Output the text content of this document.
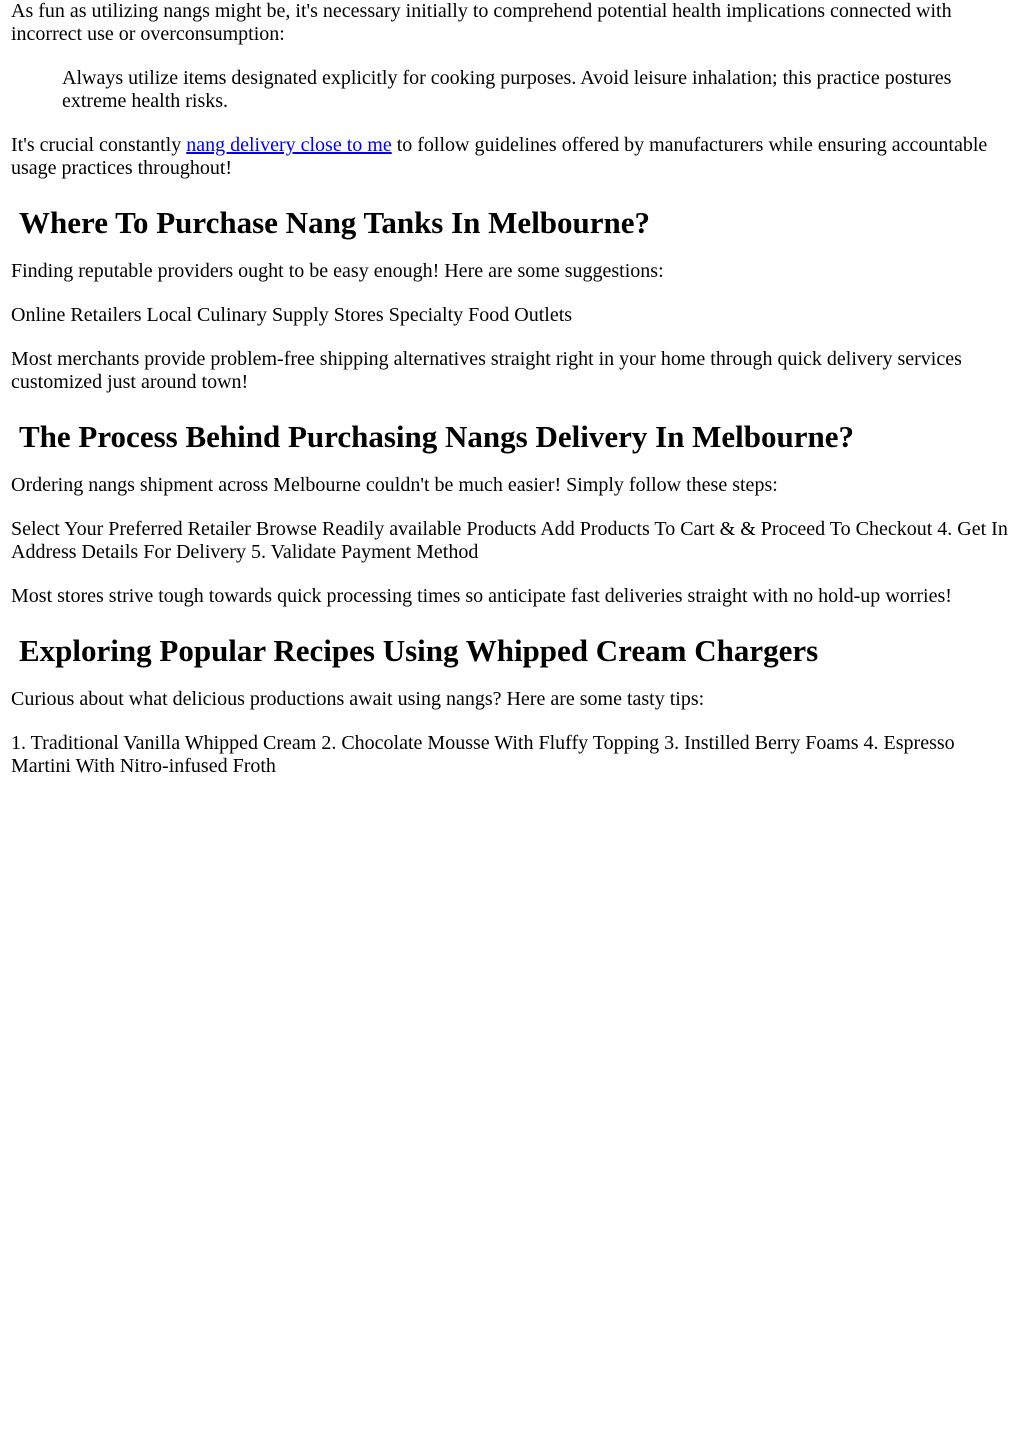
As fun as utilizing nangs might be, it's necessary initially to comprehend potential health implications connected with incorrect use or overconsumption:

Always utilize items designated explicitly for cooking purposes. Avoid leisure inhalation; this practice postures extreme health risks.

It's crucial constantly nang delivery close to me to follow guidelines offered by manufacturers while ensuring accountable usage practices throughout!

Where To Purchase Nang Tanks In Melbourne?

Finding reputable providers ought to be easy enough! Here are some suggestions:

Online Retailers Local Culinary Supply Stores Specialty Food Outlets

Most merchants provide problem-free shipping alternatives straight right in your home through quick delivery services customized just around town!

The Process Behind Purchasing Nangs Delivery In Melbourne?

Ordering nangs shipment across Melbourne couldn't be much easier! Simply follow these steps:

Select Your Preferred Retailer Browse Readily available Products Add Products To Cart & & Proceed To Checkout 4. Get In Address Details For Delivery 5. Validate Payment Method

Most stores strive tough towards quick processing times so anticipate fast deliveries straight with no hold-up worries!

Exploring Popular Recipes Using Whipped Cream Chargers

Curious about what delicious productions await using nangs? Here are some tasty tips:

1. Traditional Vanilla Whipped Cream 2. Chocolate Mousse With Fluffy Topping 3. Instilled Berry Foams 4. Espresso Martini With Nitro-infused Froth
